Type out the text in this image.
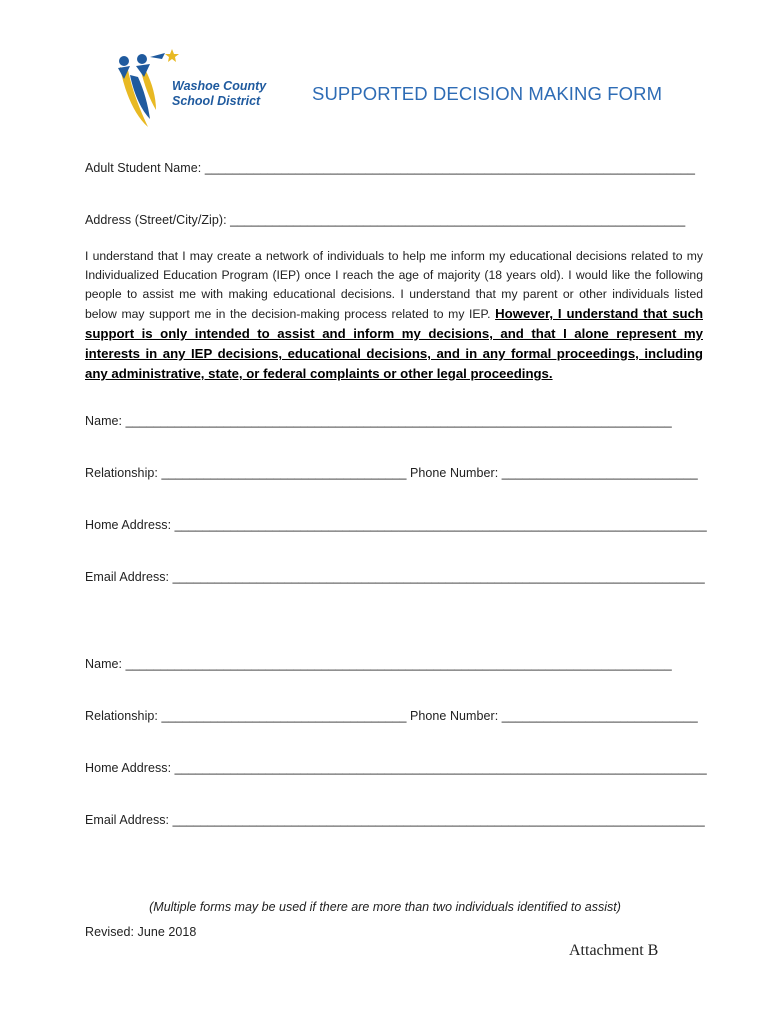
Washoe County
School District	SUPPORTED DECISION MAKING FORM
Adult Student Name: ______________________________________________________________________
Address (Street/City/Zip): _________________________________________________________________
I understand that I may create a network of individuals to help me inform my educational decisions related to my Individualized Education Program (IEP) once I reach the age of majority (18 years old). I would like the following people to assist me with making educational decisions. I understand that my parent or other individuals listed below may support me in the decision-making process related to my IEP. However, I understand that such support is only intended to assist and inform my decisions, and that I alone represent my interests in any IEP decisions, educational decisions, and in any formal proceedings, including any administrative, state, or federal complaints or other legal proceedings.
Name: ______________________________________________________________________________
Relationship: ___________________________________ Phone Number: ____________________________
Home Address: ____________________________________________________________________________
Email Address: ____________________________________________________________________________
Name: ______________________________________________________________________________
Relationship: ___________________________________ Phone Number: ____________________________
Home Address: ____________________________________________________________________________
Email Address: ____________________________________________________________________________
(Multiple forms may be used if there are more than two individuals identified to assist)
Revised: June 2018
Attachment B
